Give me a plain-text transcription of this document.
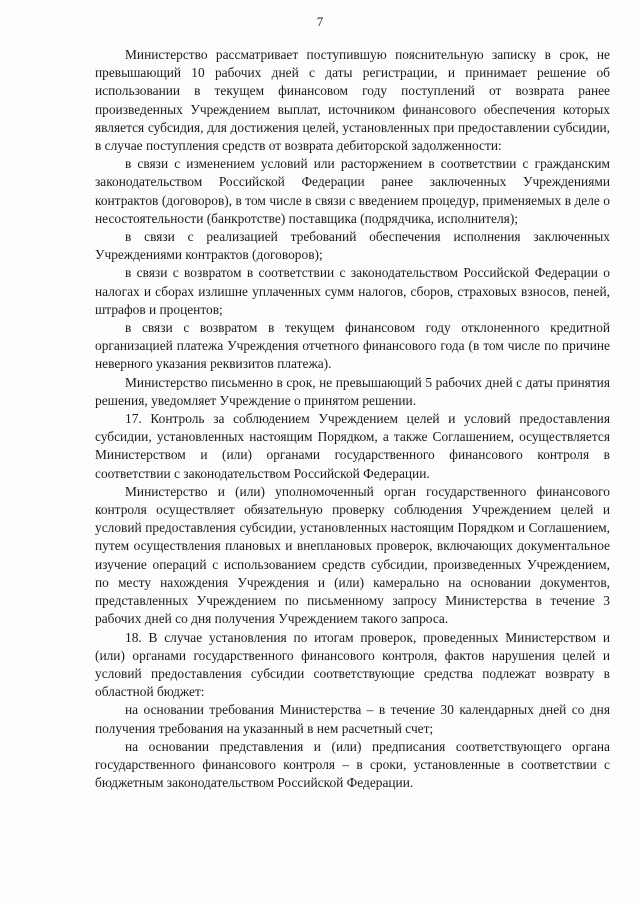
7

Министерство рассматривает поступившую пояснительную записку в срок, не превышающий 10 рабочих дней с даты регистрации, и принимает решение об использовании в текущем финансовом году поступлений от возврата ранее произведенных Учреждением выплат, источником финансового обеспечения которых является субсидия, для достижения целей, установленных при предоставлении субсидии, в случае поступления средств от возврата дебиторской задолженности:

в связи с изменением условий или расторжением в соответствии с гражданским законодательством Российской Федерации ранее заключенных Учреждениями контрактов (договоров), в том числе в связи с введением процедур, применяемых в деле о несостоятельности (банкротстве) поставщика (подрядчика, исполнителя);

в связи с реализацией требований обеспечения исполнения заключенных Учреждениями контрактов (договоров);

в связи с возвратом в соответствии с законодательством Российской Федерации о налогах и сборах излишне уплаченных сумм налогов, сборов, страховых взносов, пеней, штрафов и процентов;

в связи с возвратом в текущем финансовом году отклоненного кредитной организацией платежа Учреждения отчетного финансового года (в том числе по причине неверного указания реквизитов платежа).

Министерство письменно в срок, не превышающий 5 рабочих дней с даты принятия решения, уведомляет Учреждение о принятом решении.

17. Контроль за соблюдением Учреждением целей и условий предоставления субсидии, установленных настоящим Порядком, а также Соглашением, осуществляется Министерством и (или) органами государственного финансового контроля в соответствии с законодательством Российской Федерации.

Министерство и (или) уполномоченный орган государственного финансового контроля осуществляет обязательную проверку соблюдения Учреждением целей и условий предоставления субсидии, установленных настоящим Порядком и Соглашением, путем осуществления плановых и внеплановых проверок, включающих документальное изучение операций с использованием средств субсидии, произведенных Учреждением, по месту нахождения Учреждения и (или) камерально на основании документов, представленных Учреждением по письменному запросу Министерства в течение 3 рабочих дней со дня получения Учреждением такого запроса.

18. В случае установления по итогам проверок, проведенных Министерством и (или) органами государственного финансового контроля, фактов нарушения целей и условий предоставления субсидии соответствующие средства подлежат возврату в областной бюджет:

на основании требования Министерства – в течение 30 календарных дней со дня получения требования на указанный в нем расчетный счет;

на основании представления и (или) предписания соответствующего органа государственного финансового контроля – в сроки, установленные в соответствии с бюджетным законодательством Российской Федерации.
